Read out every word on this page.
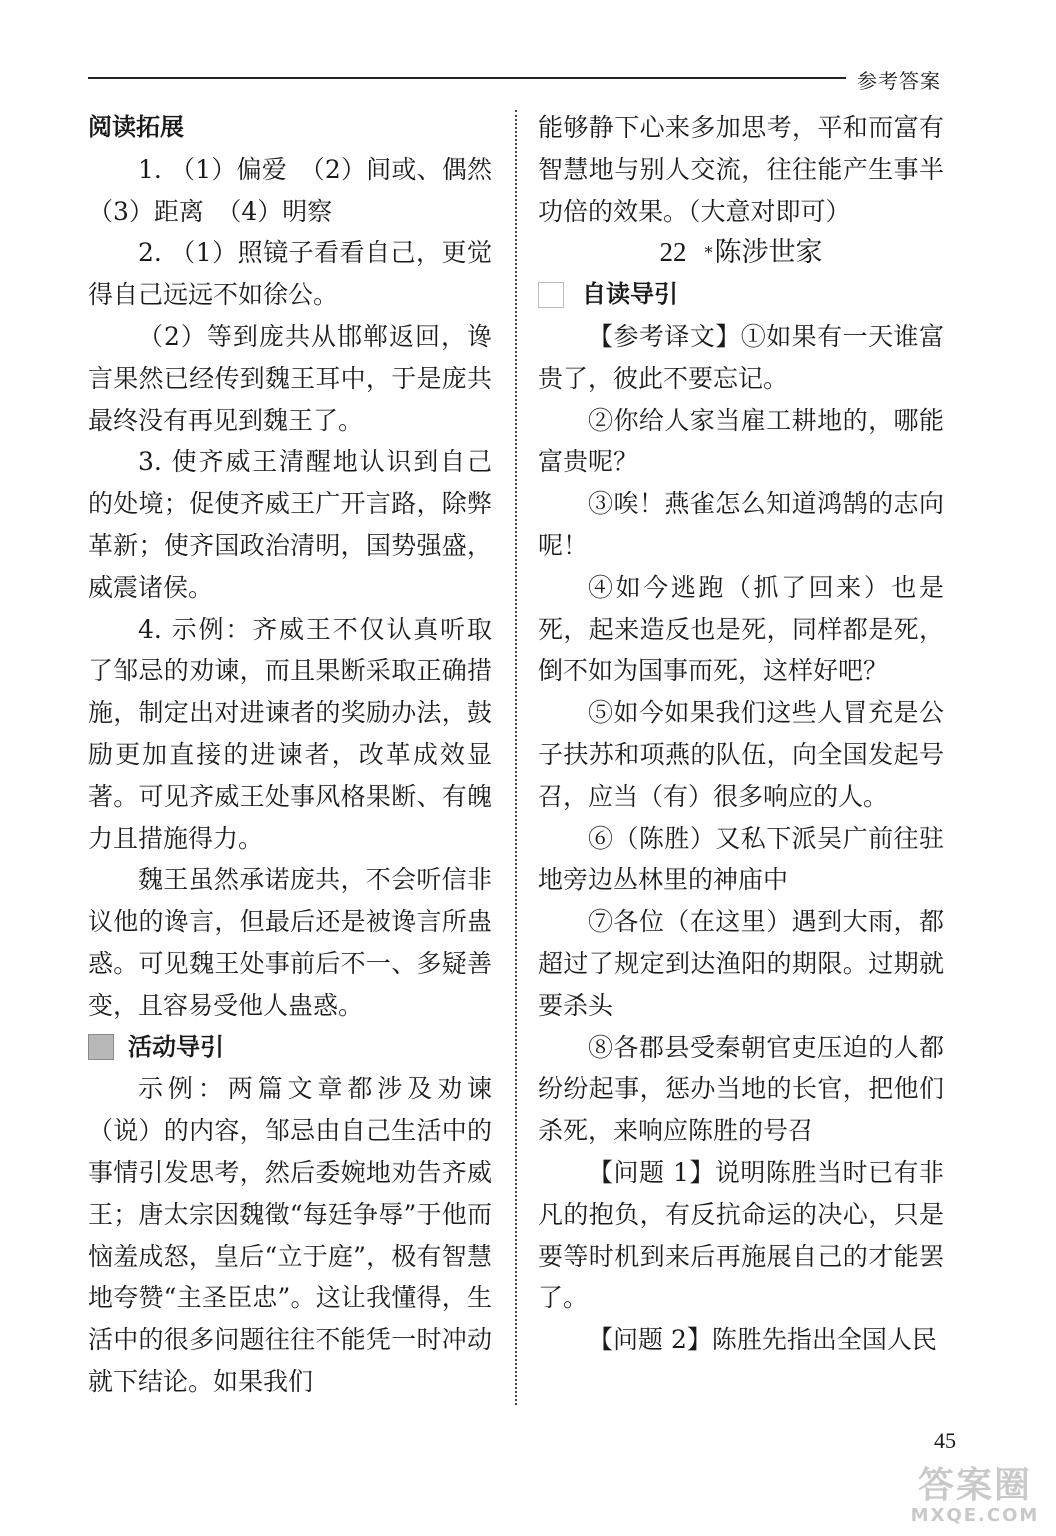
参考答案

阅读拓展

1. （1）偏爱　（2）间或、偶然　（3）距离　（4）明察

2. （1）照镜子看看自己，更觉得自己远远不如徐公。

（2）等到庞共从邯郸返回，谗言果然已经传到魏王耳中，于是庞共最终没有再见到魏王了。

3. 使齐威王清醒地认识到自己的处境；促使齐威王广开言路，除弊革新；使齐国政治清明，国势强盛，威震诸侯。

4. 示例：齐威王不仅认真听取了邹忌的劝谏，而且果断采取正确措施，制定出对进谏者的奖励办法，鼓励更加直接的进谏者，改革成效显著。可见齐威王处事风格果断、有魄力且措施得力。

魏王虽然承诺庞共，不会听信非议他的谗言，但最后还是被谗言所蛊惑。可见魏王处事前后不一、多疑善变，且容易受他人蛊惑。

活动导引

示例：两篇文章都涉及劝谏（说）的内容，邹忌由自己生活中的事情引发思考，然后委婉地劝告齐威王；唐太宗因魏徵“每廷争辱”于他而恼羞成怒，皇后“立于庭”，极有智慧地夸赞“主圣臣忠”。这让我懂得，生活中的很多问题往往不能凭一时冲动就下结论。如果我们

能够静下心来多加思考，平和而富有智慧地与别人交流，往往能产生事半功倍的效果。（大意对即可）

22 *陈涉世家

自读导引

【参考译文】①如果有一天谁富贵了，彼此不要忘记。

②你给人家当雇工耕地的，哪能富贵呢？

③唉！燕雀怎么知道鸿鹄的志向呢！

④如今逃跑（抓了回来）也是死，起来造反也是死，同样都是死，倒不如为国事而死，这样好吧？

⑤如今如果我们这些人冒充是公子扶苏和项燕的队伍，向全国发起号召，应当（有）很多响应的人。

⑥（陈胜）又私下派吴广前往驻地旁边丛林里的神庙中

⑦各位（在这里）遇到大雨，都超过了规定到达渔阳的期限。过期就要杀头

⑧各郡县受秦朝官吏压迫的人都纷纷起事，惩办当地的长官，把他们杀死，来响应陈胜的号召

【问题 1】说明陈胜当时已有非凡的抱负，有反抗命运的决心，只是要等时机到来后再施展自己的才能罢了。

【问题 2】陈胜先指出全国人民

45
答案圈
MXQE.COM
